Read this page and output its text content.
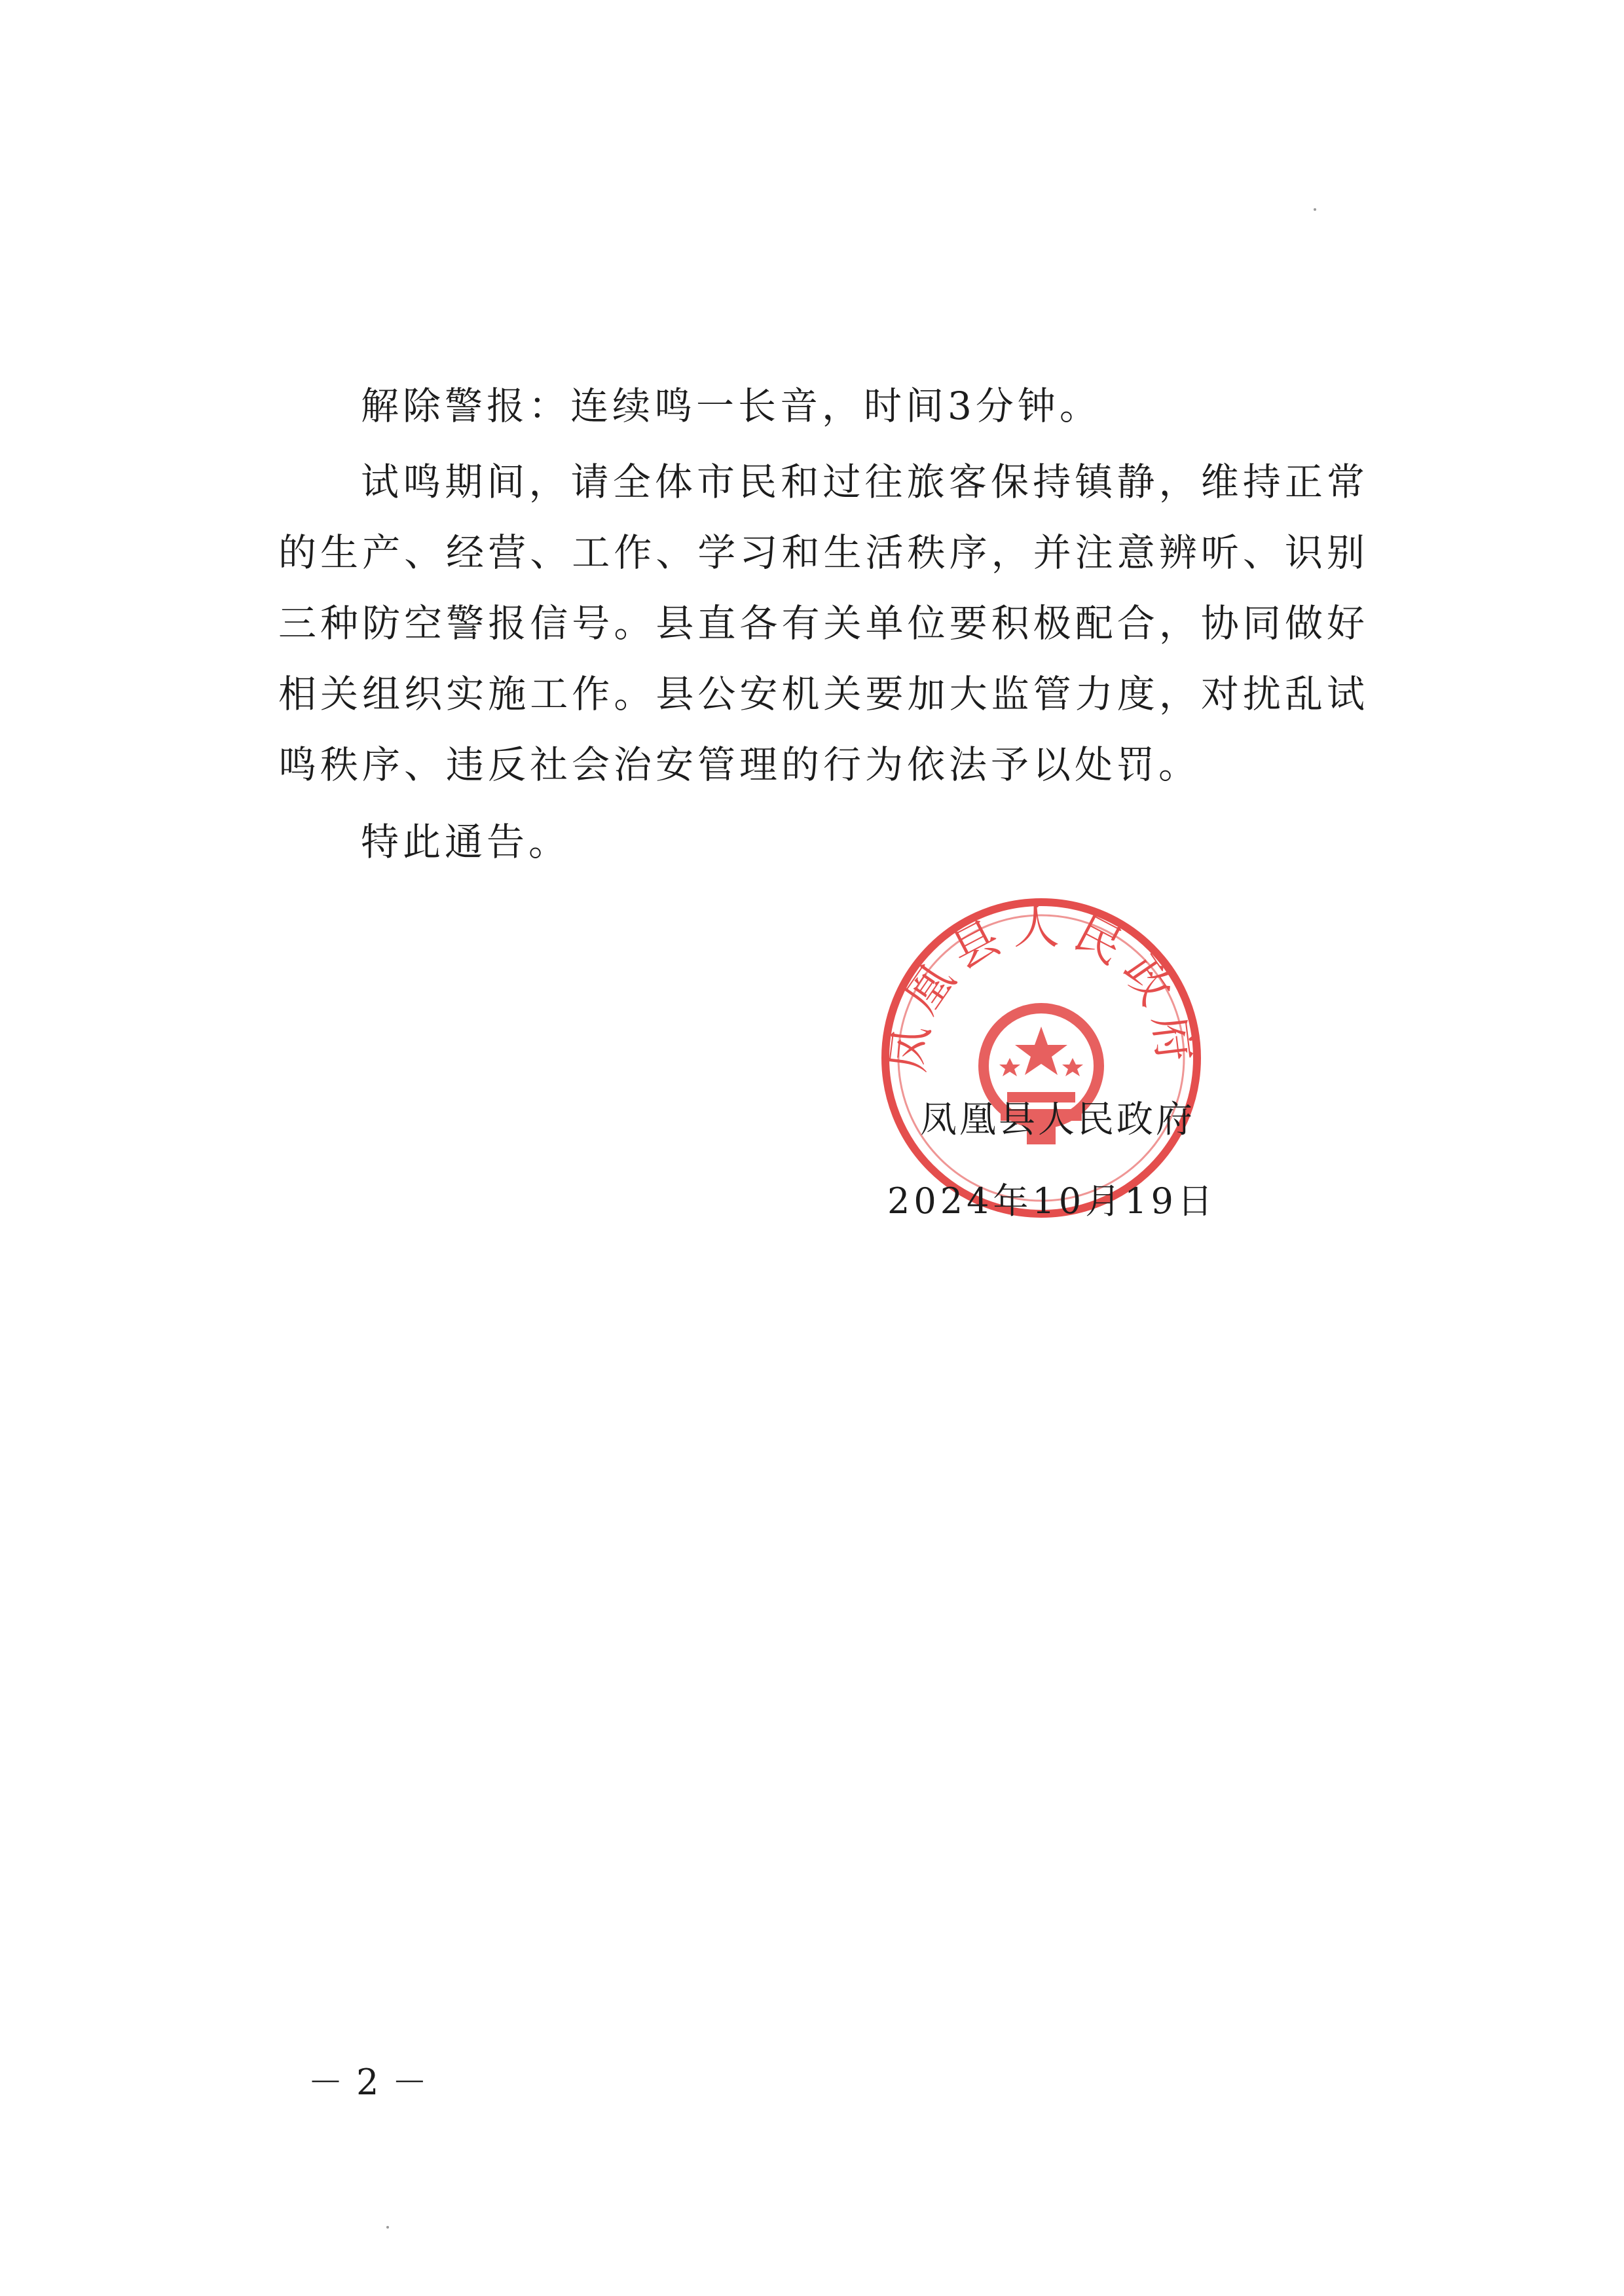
解除警报：连续鸣一长音，时间3分钟。

试鸣期间，请全体市民和过往旅客保持镇静，维持正常的生产、经营、工作、学习和生活秩序，并注意辨听、识别三种防空警报信号。县直各有关单位要积极配合，协同做好相关组织实施工作。县公安机关要加大监管力度，对扰乱试鸣秩序、违反社会治安管理的行为依法予以处罚。

特此通告。

凤凰县人民政府
凤凰县人民政府
2024年10月19日
－2－
